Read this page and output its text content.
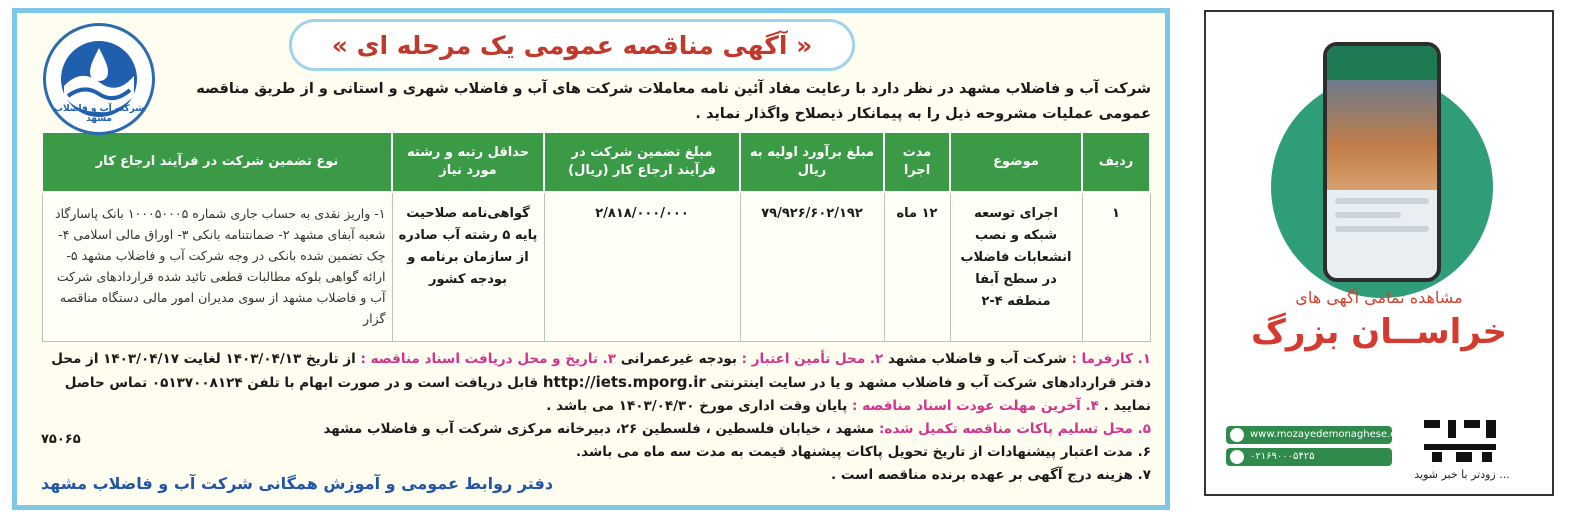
« آگهی مناقصه عمومی یک مرحله ای »
شرکت آب و فاضلاب مشهد
شرکت آب و فاضلاب مشهد در نظر دارد با رعایت مفاد آئین نامه معاملات شرکت های آب و فاضلاب شهری و استانی و از طریق مناقصه عمومی عملیات مشروحه ذیل را به پیمانکار ذیصلاح واگذار نماید .
ردیف	موضوع	مدت اجرا	مبلغ برآورد اولیه به ریال	مبلغ تضمین شرکت در فرآیند ارجاع کار (ریال)	حداقل رتبه و رشته مورد نیاز	نوع تضمین شرکت در فرآیند ارجاع کار
۱	اجرای توسعه شبکه و نصب انشعابات فاضلاب در سطح آبفا منطقه ۴-۲	۱۲ ماه	۷۹/۹۲۶/۶۰۲/۱۹۲	۲/۸۱۸/۰۰۰/۰۰۰	گواهی‌نامه صلاحیت پایه ۵ رشته آب صادره از سازمان برنامه و بودجه کشور	۱- واریز نقدی به حساب جاری شماره ۱۰۰۰۵۰۰۰۵ بانک پاسارگاد شعبه آبفای مشهد ۲- ضمانتنامه بانکی ۳- اوراق مالی اسلامی ۴- چک تضمین شده بانکی در وجه شرکت آب و فاضلاب مشهد ۵- ارائه گواهی بلوکه مطالبات قطعی تائید شده قراردادهای شرکت آب و فاضلاب مشهد از سوی مدیران امور مالی دستگاه مناقصه گزار
۱. کارفرما : شرکت آب و فاضلاب مشهد ۲. محل تأمین اعتبار : بودجه غیرعمرانی ۳. تاریخ و محل دریافت اسناد مناقصه : از تاریخ ۱۴۰۳/۰۴/۱۳ لغایت ۱۴۰۳/۰۴/۱۷ از محل دفتر قراردادهای شرکت آب و فاضلاب مشهد و یا در سایت اینترنتی http://iets.mporg.ir قابل دریافت است و در صورت ابهام با تلفن ۰۵۱۳۷۰۰۸۱۲۴ تماس حاصل نمایید . ۴. آخرین مهلت عودت اسناد مناقصه : پایان وقت اداری مورخ ۱۴۰۳/۰۴/۳۰ می باشد .
۵. محل تسلیم پاکات مناقصه تکمیل شده: مشهد ، خیابان فلسطین ، فلسطین ۲۶، دبیرخانه مرکزی شرکت آب و فاضلاب مشهد
۶. مدت اعتبار پیشنهادات از تاریخ تحویل پاکات پیشنهاد قیمت به مدت سه ماه می باشد.
۷. هزینه درج آگهی بر عهده برنده مناقصه است .
۷۵۰۶۵
دفتر روابط عمومی و آموزش همگانی شرکت آب و فاضلاب مشهد
مشاهده تمامی آگهی های
خراســان بزرگ
www.mozayedemonaghese.com
۰۲۱۶۹۰۰۰۵۴۲۵
زودتر با خبر شوید ...
